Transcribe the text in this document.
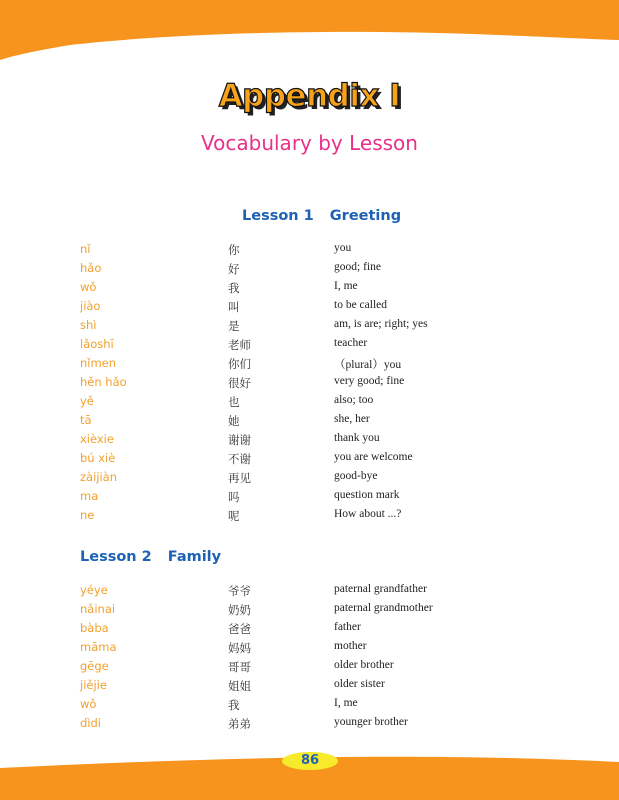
Appendix I
Vocabulary by Lesson
Lesson 1 Greeting
nǐ	你	you
hǎo	好	good; fine
wǒ	我	I, me
jiào	叫	to be called
shì	是	am, is are; right; yes
lǎoshī	老师	teacher
nǐmen	你们	（plural）you
hěn hǎo	很好	very good; fine
yě	也	also; too
tā	她	she, her
xièxie	谢谢	thank you
bú xiè	不谢	you are welcome
zàijiàn	再见	good-bye
ma	吗	question mark
ne	呢	How about ...?
Lesson 2 Family
yéye	爷爷	paternal grandfather
nǎinai	奶奶	paternal grandmother
bàba	爸爸	father
māma	妈妈	mother
gēge	哥哥	older brother
jiějie	姐姐	older sister
wǒ	我	I, me
dìdi	弟弟	younger brother
86
